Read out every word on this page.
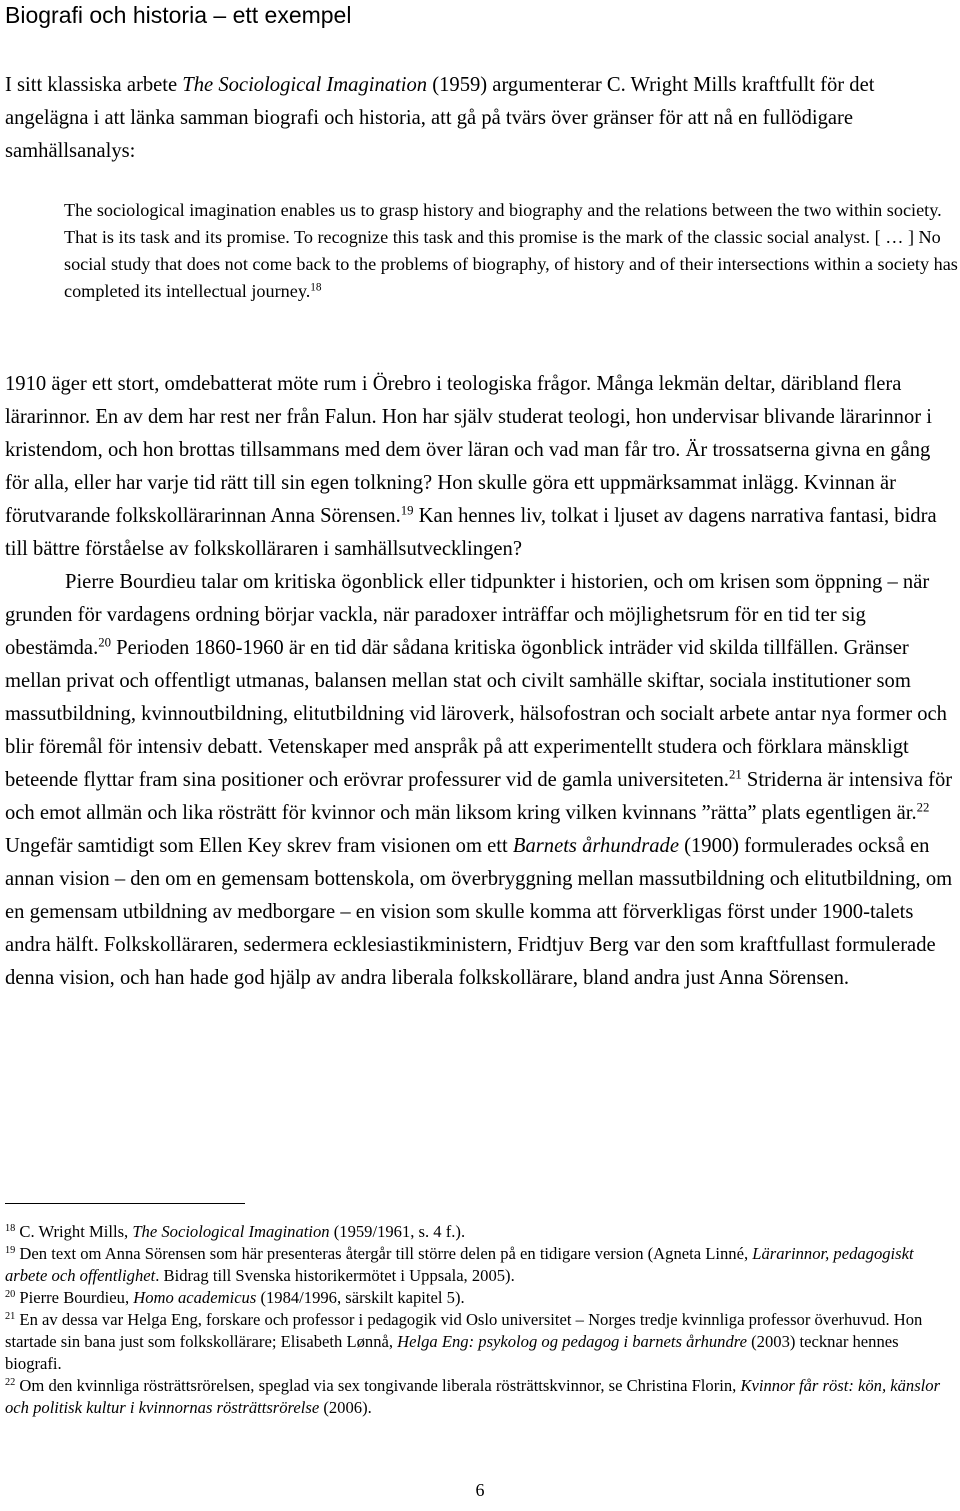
Biografi och historia – ett exempel

I sitt klassiska arbete The Sociological Imagination (1959) argumenterar C. Wright Mills kraftfullt för det angelägna i att länka samman biografi och historia, att gå på tvärs över gränser för att nå en fullödigare samhällsanalys:

The sociological imagination enables us to grasp history and biography and the relations between the two within society. That is its task and its promise. To recognize this task and this promise is the mark of the classic social analyst. [ … ] No social study that does not come back to the problems of biography, of history and of their intersections within a society has completed its intellectual journey.$^{18}$

1910 äger ett stort, omdebatterat möte rum i Örebro i teologiska frågor. Många lekmän deltar, däribland flera lärarinnor. En av dem har rest ner från Falun. Hon har själv studerat teologi, hon undervisar blivande lärarinnor i kristendom, och hon brottas tillsammans med dem över läran och vad man får tro. Är trossatserna givna en gång för alla, eller har varje tid rätt till sin egen tolkning? Hon skulle göra ett uppmärksammat inlägg. Kvinnan är förutvarande folkskollärarinnan Anna Sörensen.$^{19}$ Kan hennes liv, tolkat i ljuset av dagens narrativa fantasi, bidra till bättre förståelse av folkskolläraren i samhällsutvecklingen?

Pierre Bourdieu talar om kritiska ögonblick eller tidpunkter i historien, och om krisen som öppning – när grunden för vardagens ordning börjar vackla, när paradoxer inträffar och möjlighetsrum för en tid ter sig obestämda.$^{20}$ Perioden 1860-1960 är en tid där sådana kritiska ögonblick inträder vid skilda tillfällen. Gränser mellan privat och offentligt utmanas, balansen mellan stat och civilt samhälle skiftar, sociala institutioner som massutbildning, kvinnoutbildning, elitutbildning vid läroverk, hälsofostran och socialt arbete antar nya former och blir föremål för intensiv debatt. Vetenskaper med anspråk på att experimentellt studera och förklara mänskligt beteende flyttar fram sina positioner och erövrar professurer vid de gamla universiteten.$^{21}$ Striderna är intensiva för och emot allmän och lika rösträtt för kvinnor och män liksom kring vilken kvinnans ”rätta” plats egentligen är.$^{22}$ Ungefär samtidigt som Ellen Key skrev fram visionen om ett Barnets århundrade (1900) formulerades också en annan vision – den om en gemensam bottenskola, om överbryggning mellan massutbildning och elitutbildning, om en gemensam utbildning av medborgare – en vision som skulle komma att förverkligas först under 1900-talets andra hälft. Folkskolläraren, sedermera ecklesiastikministern, Fridtjuv Berg var den som kraftfullast formulerade denna vision, och han hade god hjälp av andra liberala folkskollärare, bland andra just Anna Sörensen.

$^{18}$ C. Wright Mills, The Sociological Imagination (1959/1961, s. 4 f.).

$^{19}$ Den text om Anna Sörensen som här presenteras återgår till större delen på en tidigare version (Agneta Linné, Lärarinnor, pedagogiskt arbete och offentlighet. Bidrag till Svenska historikermötet i Uppsala, 2005).

$^{20}$ Pierre Bourdieu, Homo academicus (1984/1996, särskilt kapitel 5).

$^{21}$ En av dessa var Helga Eng, forskare och professor i pedagogik vid Oslo universitet – Norges tredje kvinnliga professor överhuvud. Hon startade sin bana just som folkskollärare; Elisabeth Lønnå, Helga Eng: psykolog og pedagog i barnets århundre (2003) tecknar hennes biografi.

$^{22}$ Om den kvinnliga rösträttsrörelsen, speglad via sex tongivande liberala rösträttskvinnor, se Christina Florin, Kvinnor får röst: kön, känslor och politisk kultur i kvinnornas rösträttsrörelse (2006).

6
